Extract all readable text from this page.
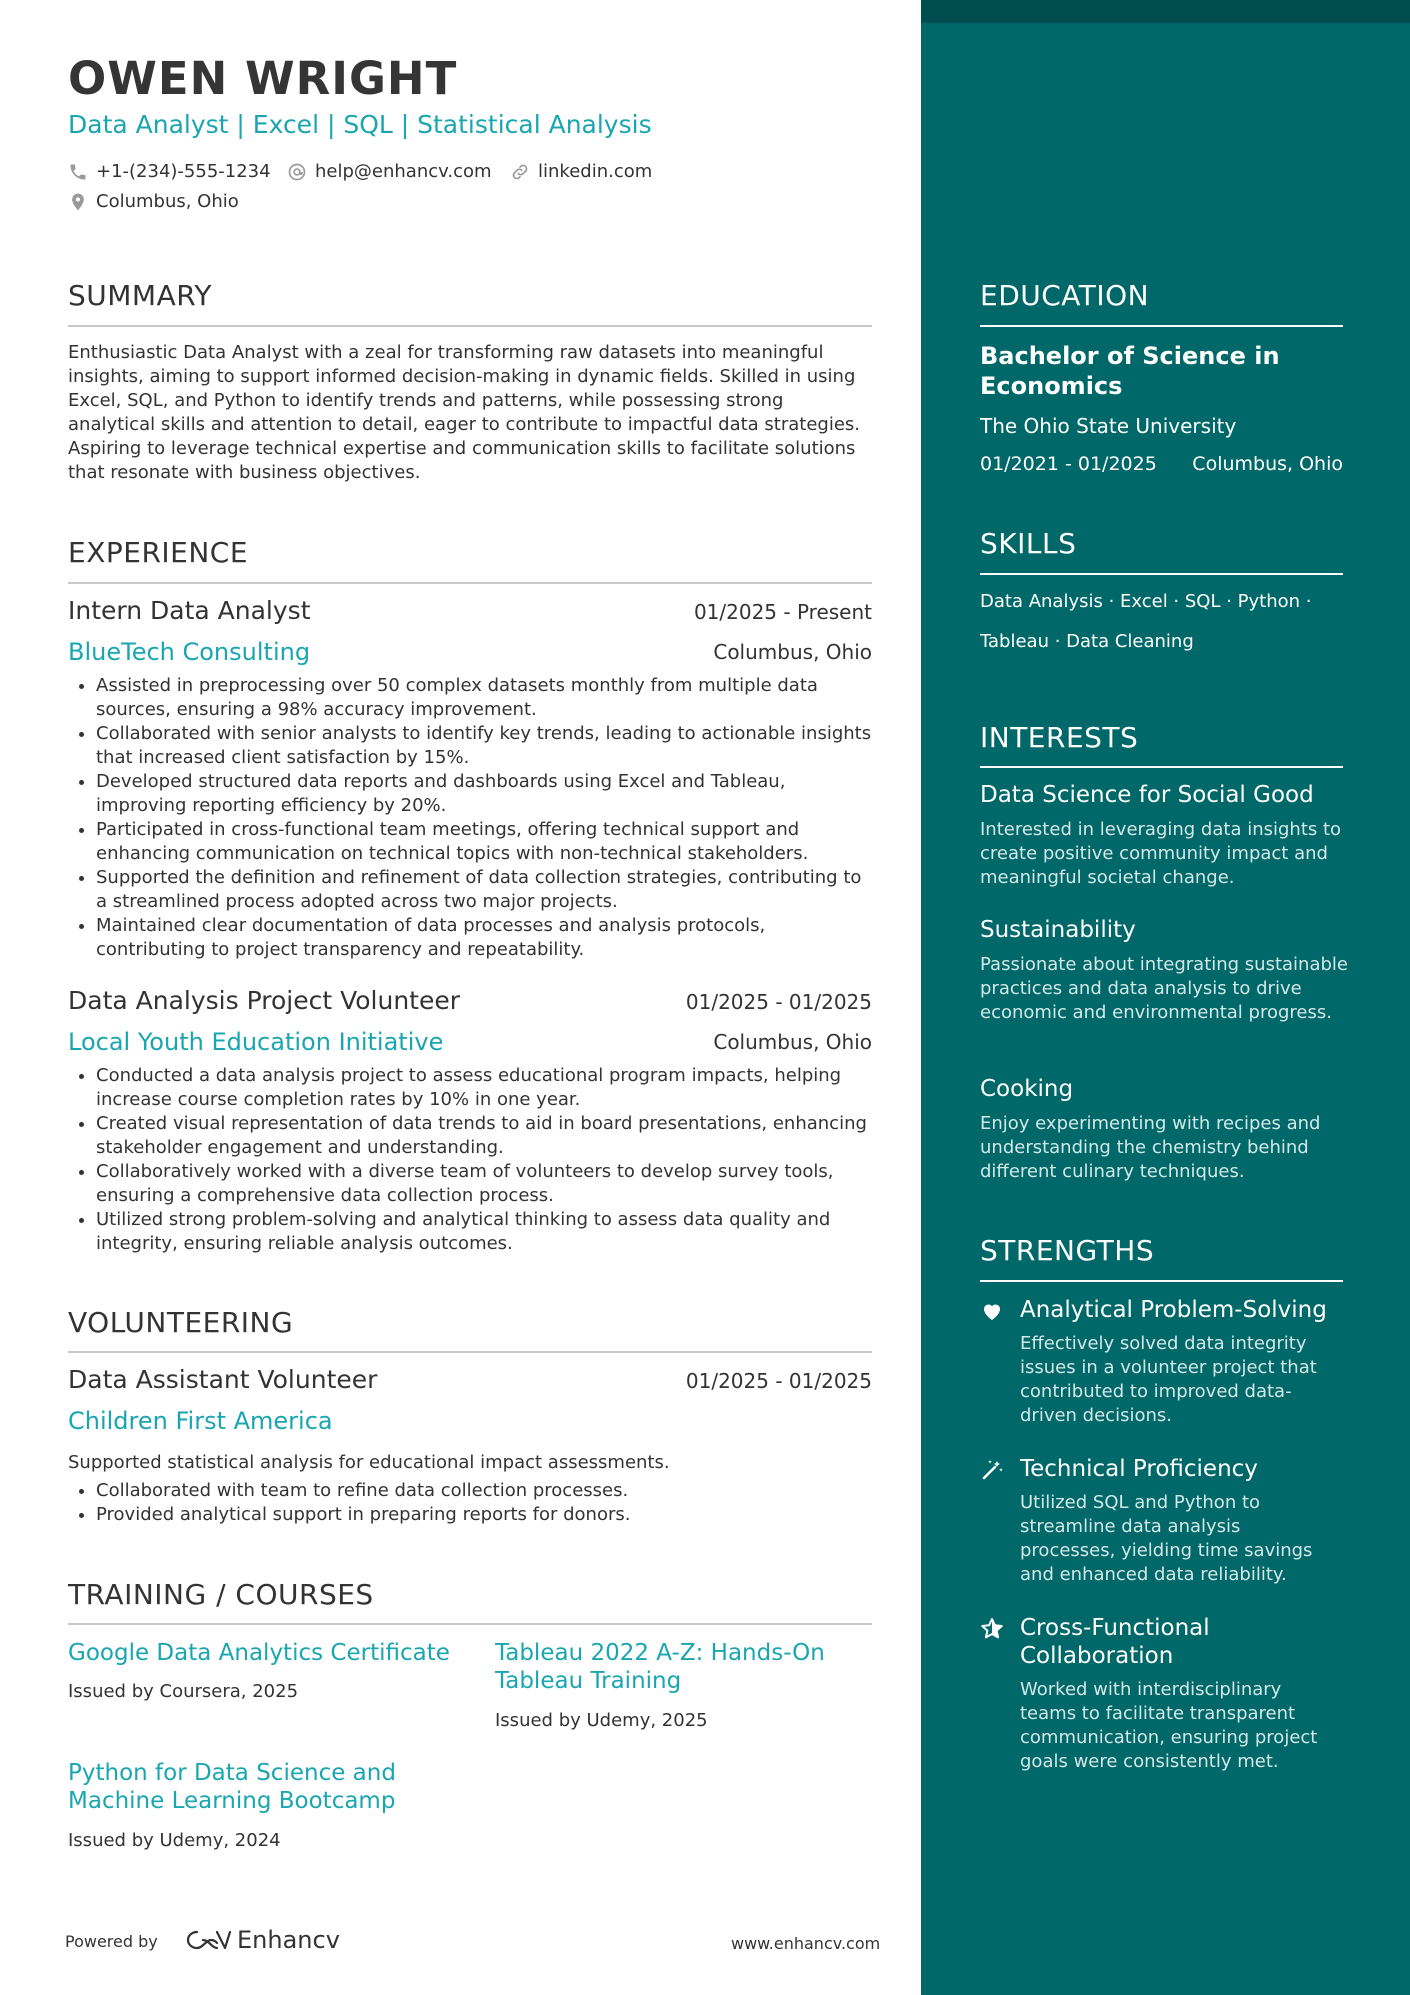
OWEN WRIGHT
Data Analyst | Excel | SQL | Statistical Analysis
+1-(234)-555-1234 help@enhancv.com	linkedin.com
Columbus, Ohio
SUMMARY

Enthusiastic Data Analyst with a zeal for transforming raw datasets into meaningful insights, aiming to support informed decision-making in dynamic fields. Skilled in using Excel, SQL, and Python to identify trends and patterns, while possessing strong analytical skills and attention to detail, eager to contribute to impactful data strategies. Aspiring to leverage technical expertise and communication skills to facilitate solutions that resonate with business objectives.

EXPERIENCE
Intern Data Analyst	01/2025 - Present
BlueTech Consulting	Columbus, Ohio
• Assisted in preprocessing over 50 complex datasets monthly from multiple data sources, ensuring a 98% accuracy improvement.
• Collaborated with senior analysts to identify key trends, leading to actionable insights that increased client satisfaction by 15%.
• Developed structured data reports and dashboards using Excel and Tableau, improving reporting efficiency by 20%.
• Participated in cross-functional team meetings, offering technical support and enhancing communication on technical topics with non-technical stakeholders.
• Supported the definition and refinement of data collection strategies, contributing to a streamlined process adopted across two major projects.
• Maintained clear documentation of data processes and analysis protocols, contributing to project transparency and repeatability.
Data Analysis Project Volunteer	01/2025 - 01/2025
Local Youth Education Initiative	Columbus, Ohio
• Conducted a data analysis project to assess educational program impacts, helping increase course completion rates by 10% in one year.
• Created visual representation of data trends to aid in board presentations, enhancing stakeholder engagement and understanding.
• Collaboratively worked with a diverse team of volunteers to develop survey tools, ensuring a comprehensive data collection process.
• Utilized strong problem-solving and analytical thinking to assess data quality and integrity, ensuring reliable analysis outcomes.
VOLUNTEERING
Data Assistant Volunteer	01/2025 - 01/2025
Children First America

Supported statistical analysis for educational impact assessments.

• Collaborated with team to refine data collection processes.
• Provided analytical support in preparing reports for donors.
TRAINING / COURSES
Google Data Analytics Certificate
Issued by Coursera, 2025
Tableau 2022 A-Z: Hands-On Tableau Training
Issued by Udemy, 2025
Python for Data Science and Machine Learning Bootcamp
Issued by Udemy, 2024
Powered by	Enhancv	www.enhancv.com
EDUCATION
Bachelor of Science in Economics
The Ohio State University
01/2021 - 01/2025 Columbus, Ohio
SKILLS
Data Analysis · Excel · SQL · Python · Tableau · Data Cleaning
INTERESTS
Data Science for Social Good

Interested in leveraging data insights to create positive community impact and meaningful societal change.

Sustainability

Passionate about integrating sustainable practices and data analysis to drive economic and environmental progress.

Cooking

Enjoy experimenting with recipes and understanding the chemistry behind different culinary techniques.

STRENGTHS
Analytical Problem-Solving

Effectively solved data integrity issues in a volunteer project that contributed to improved data-driven decisions.

Technical Proficiency

Utilized SQL and Python to streamline data analysis processes, yielding time savings and enhanced data reliability.

Cross-Functional Collaboration

Worked with interdisciplinary teams to facilitate transparent communication, ensuring project goals were consistently met.
